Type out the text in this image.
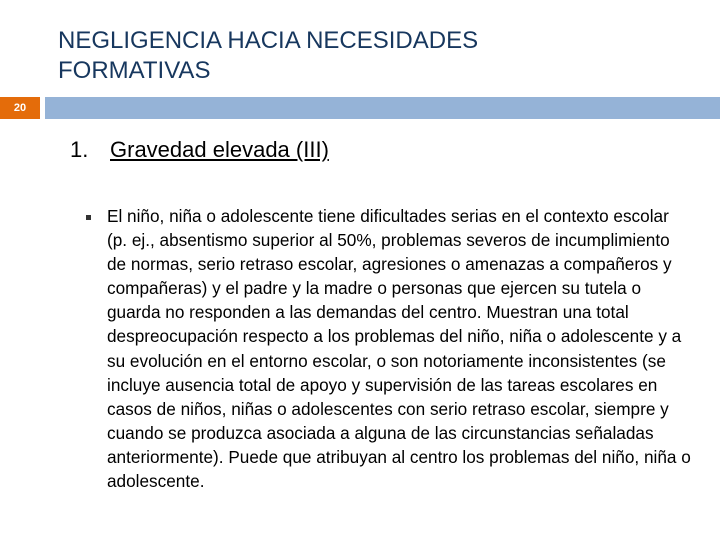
NEGLIGENCIA HACIA NECESIDADES
FORMATIVAS
20
1. Gravedad elevada (III)

El niño, niña o adolescente tiene dificultades serias en el contexto escolar (p. ej., absentismo superior al 50%, problemas severos de incumplimiento de normas, serio retraso escolar, agresiones o amenazas a compañeros y compañeras) y el padre y la madre o personas que ejercen su tutela o guarda no responden a las demandas del centro. Muestran una total despreocupación respecto a los problemas del niño, niña o adolescente y a su evolución en el entorno escolar, o son notoriamente inconsistentes (se incluye ausencia total de apoyo y supervisión de las tareas escolares en casos de niños, niñas o adolescentes con serio retraso escolar, siempre y cuando se produzca asociada a alguna de las circunstancias señaladas anteriormente). Puede que atribuyan al centro los problemas del niño, niña o adolescente.
